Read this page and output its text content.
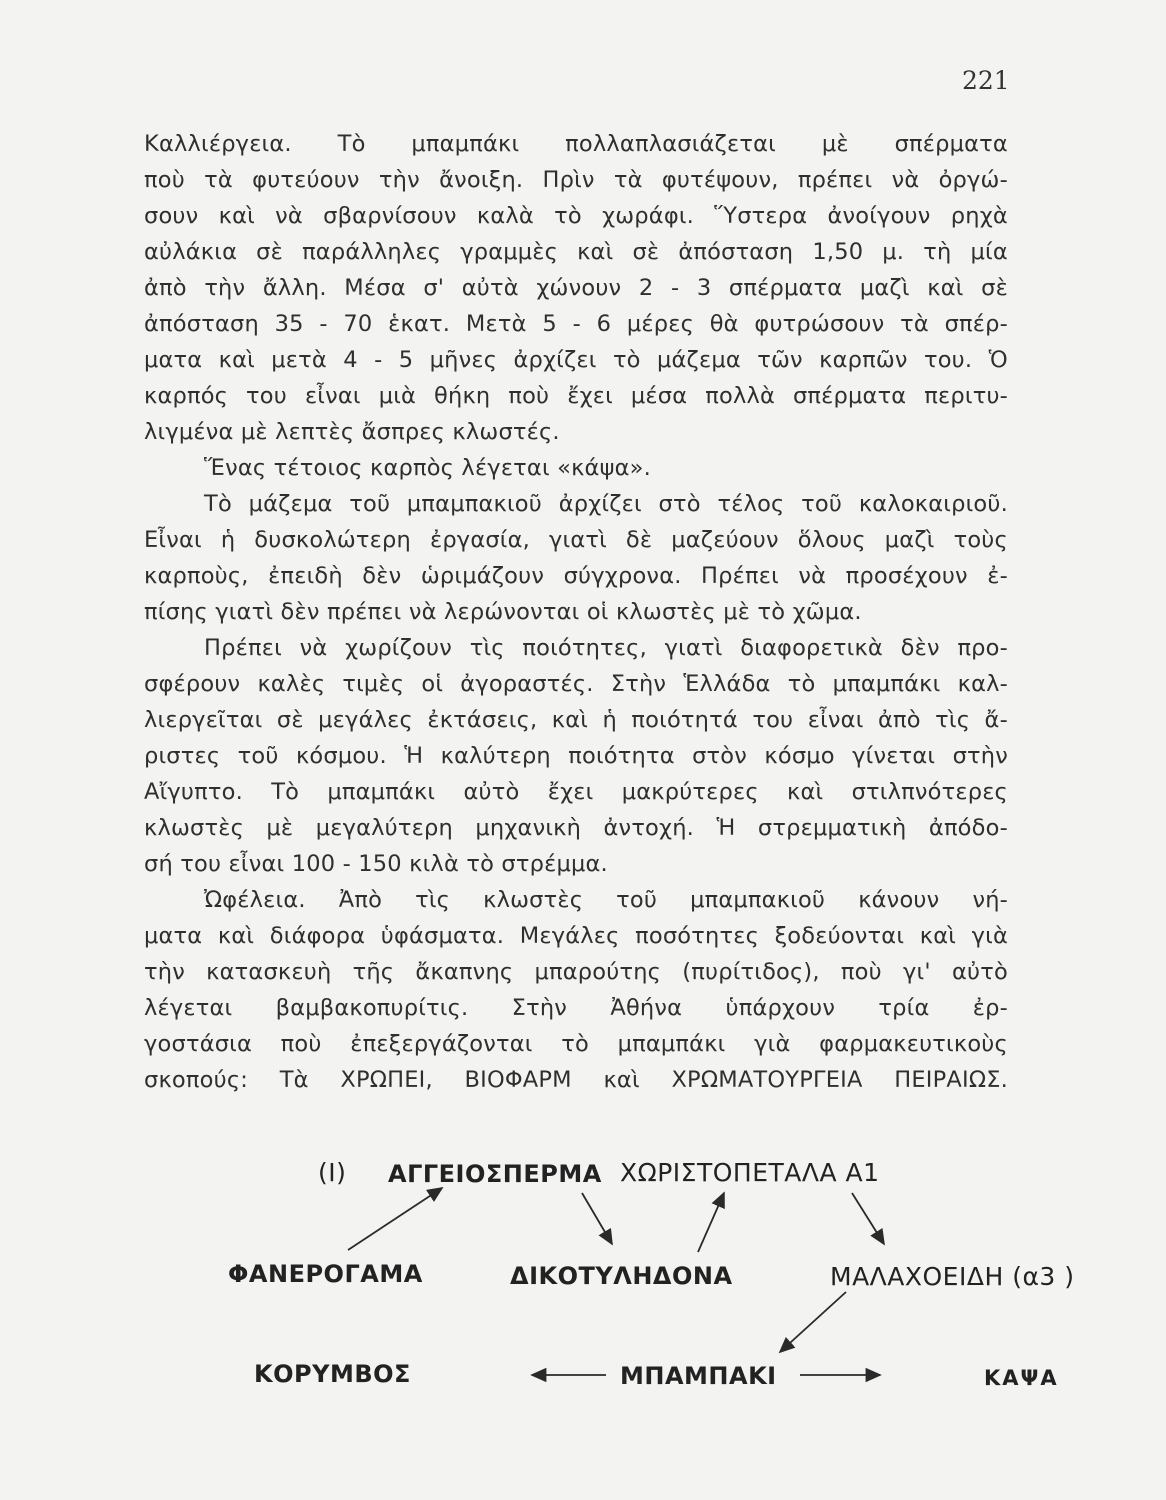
221
Καλλιέργεια. Τὸ μπαμπάκι πολλαπλασιάζεται μὲ σπέρματα
ποὺ τὰ φυτεύουν τὴν ἄνοιξη. Πρὶν τὰ φυτέψουν, πρέπει νὰ ὀργώ-
σουν καὶ νὰ σβαρνίσουν καλὰ τὸ χωράφι. Ὕστερα ἀνοίγουν ρηχὰ
αὐλάκια σὲ παράλληλες γραμμὲς καὶ σὲ ἀπόσταση 1,50 μ. τὴ μία
ἀπὸ τὴν ἄλλη. Μέσα σ' αὐτὰ χώνουν 2 - 3 σπέρματα μαζὶ καὶ σὲ
ἀπόσταση 35 - 70 ἑκατ. Μετὰ 5 - 6 μέρες θὰ φυτρώσουν τὰ σπέρ-
ματα καὶ μετὰ 4 - 5 μῆνες ἀρχίζει τὸ μάζεμα τῶν καρπῶν του. Ὁ
καρπός του εἶναι μιὰ θήκη ποὺ ἔχει μέσα πολλὰ σπέρματα περιτυ-
λιγμένα μὲ λεπτὲς ἄσπρες κλωστές.
Ἕνας τέτοιος καρπὸς λέγεται «κάψα».
Τὸ μάζεμα τοῦ μπαμπακιοῦ ἀρχίζει στὸ τέλος τοῦ καλοκαιριοῦ.
Εἶναι ἡ δυσκολώτερη ἐργασία, γιατὶ δὲ μαζεύουν ὅλους μαζὶ τοὺς
καρποὺς, ἐπειδὴ δὲν ὡριμάζουν σύγχρονα. Πρέπει νὰ προσέχουν ἐ-
πίσης γιατὶ δὲν πρέπει νὰ λερώνονται οἱ κλωστὲς μὲ τὸ χῶμα.
Πρέπει νὰ χωρίζουν τὶς ποιότητες, γιατὶ διαφορετικὰ δὲν προ-
σφέρουν καλὲς τιμὲς οἱ ἀγοραστές. Στὴν Ἑλλάδα τὸ μπαμπάκι καλ-
λιεργεῖται σὲ μεγάλες ἐκτάσεις, καὶ ἡ ποιότητά του εἶναι ἀπὸ τὶς ἄ-
ριστες τοῦ κόσμου. Ἡ καλύτερη ποιότητα στὸν κόσμο γίνεται στὴν
Αἴγυπτο. Τὸ μπαμπάκι αὐτὸ ἔχει μακρύτερες καὶ στιλπνότερες
κλωστὲς μὲ μεγαλύτερη μηχανικὴ ἀντοχή. Ἡ στρεμματικὴ ἀπόδο-
σή του εἶναι 100 - 150 κιλὰ τὸ στρέμμα.
Ὠφέλεια. Ἀπὸ τὶς κλωστὲς τοῦ μπαμπακιοῦ κάνουν νή-
ματα καὶ διάφορα ὑφάσματα. Μεγάλες ποσότητες ξοδεύονται καὶ γιὰ
τὴν κατασκευὴ τῆς ἄκαπνης μπαρούτης (πυρίτιδος), ποὺ γι' αὐτὸ
λέγεται βαμβακοπυρίτις. Στὴν Ἀθήνα ὑπάρχουν τρία ἐρ-
γοστάσια ποὺ ἐπεξεργάζονται τὸ μπαμπάκι γιὰ φαρμακευτικοὺς
σκοπούς: Τὰ ΧΡΩΠΕΙ, ΒΙΟΦΑΡΜ καὶ ΧΡΩΜΑΤΟΥΡΓΕΙΑ ΠΕΙΡΑΙΩΣ.
(Ι) ΑΓΓΕΙΟΣΠΕΡΜΑ ΧΩΡΙΣΤΟΠΕΤΑΛΑ Α1
ΦΑΝΕΡΟΓΑΜΑ	ΔΙΚΟΤΥΛΗΔΟΝΑ	ΜΑΛΑΧΟΕΙΔΗ (α3 )
ΚΟΡΥΜΒΟΣ	ΜΠΑΜΠΑΚΙ	ΚΑΨΑ
